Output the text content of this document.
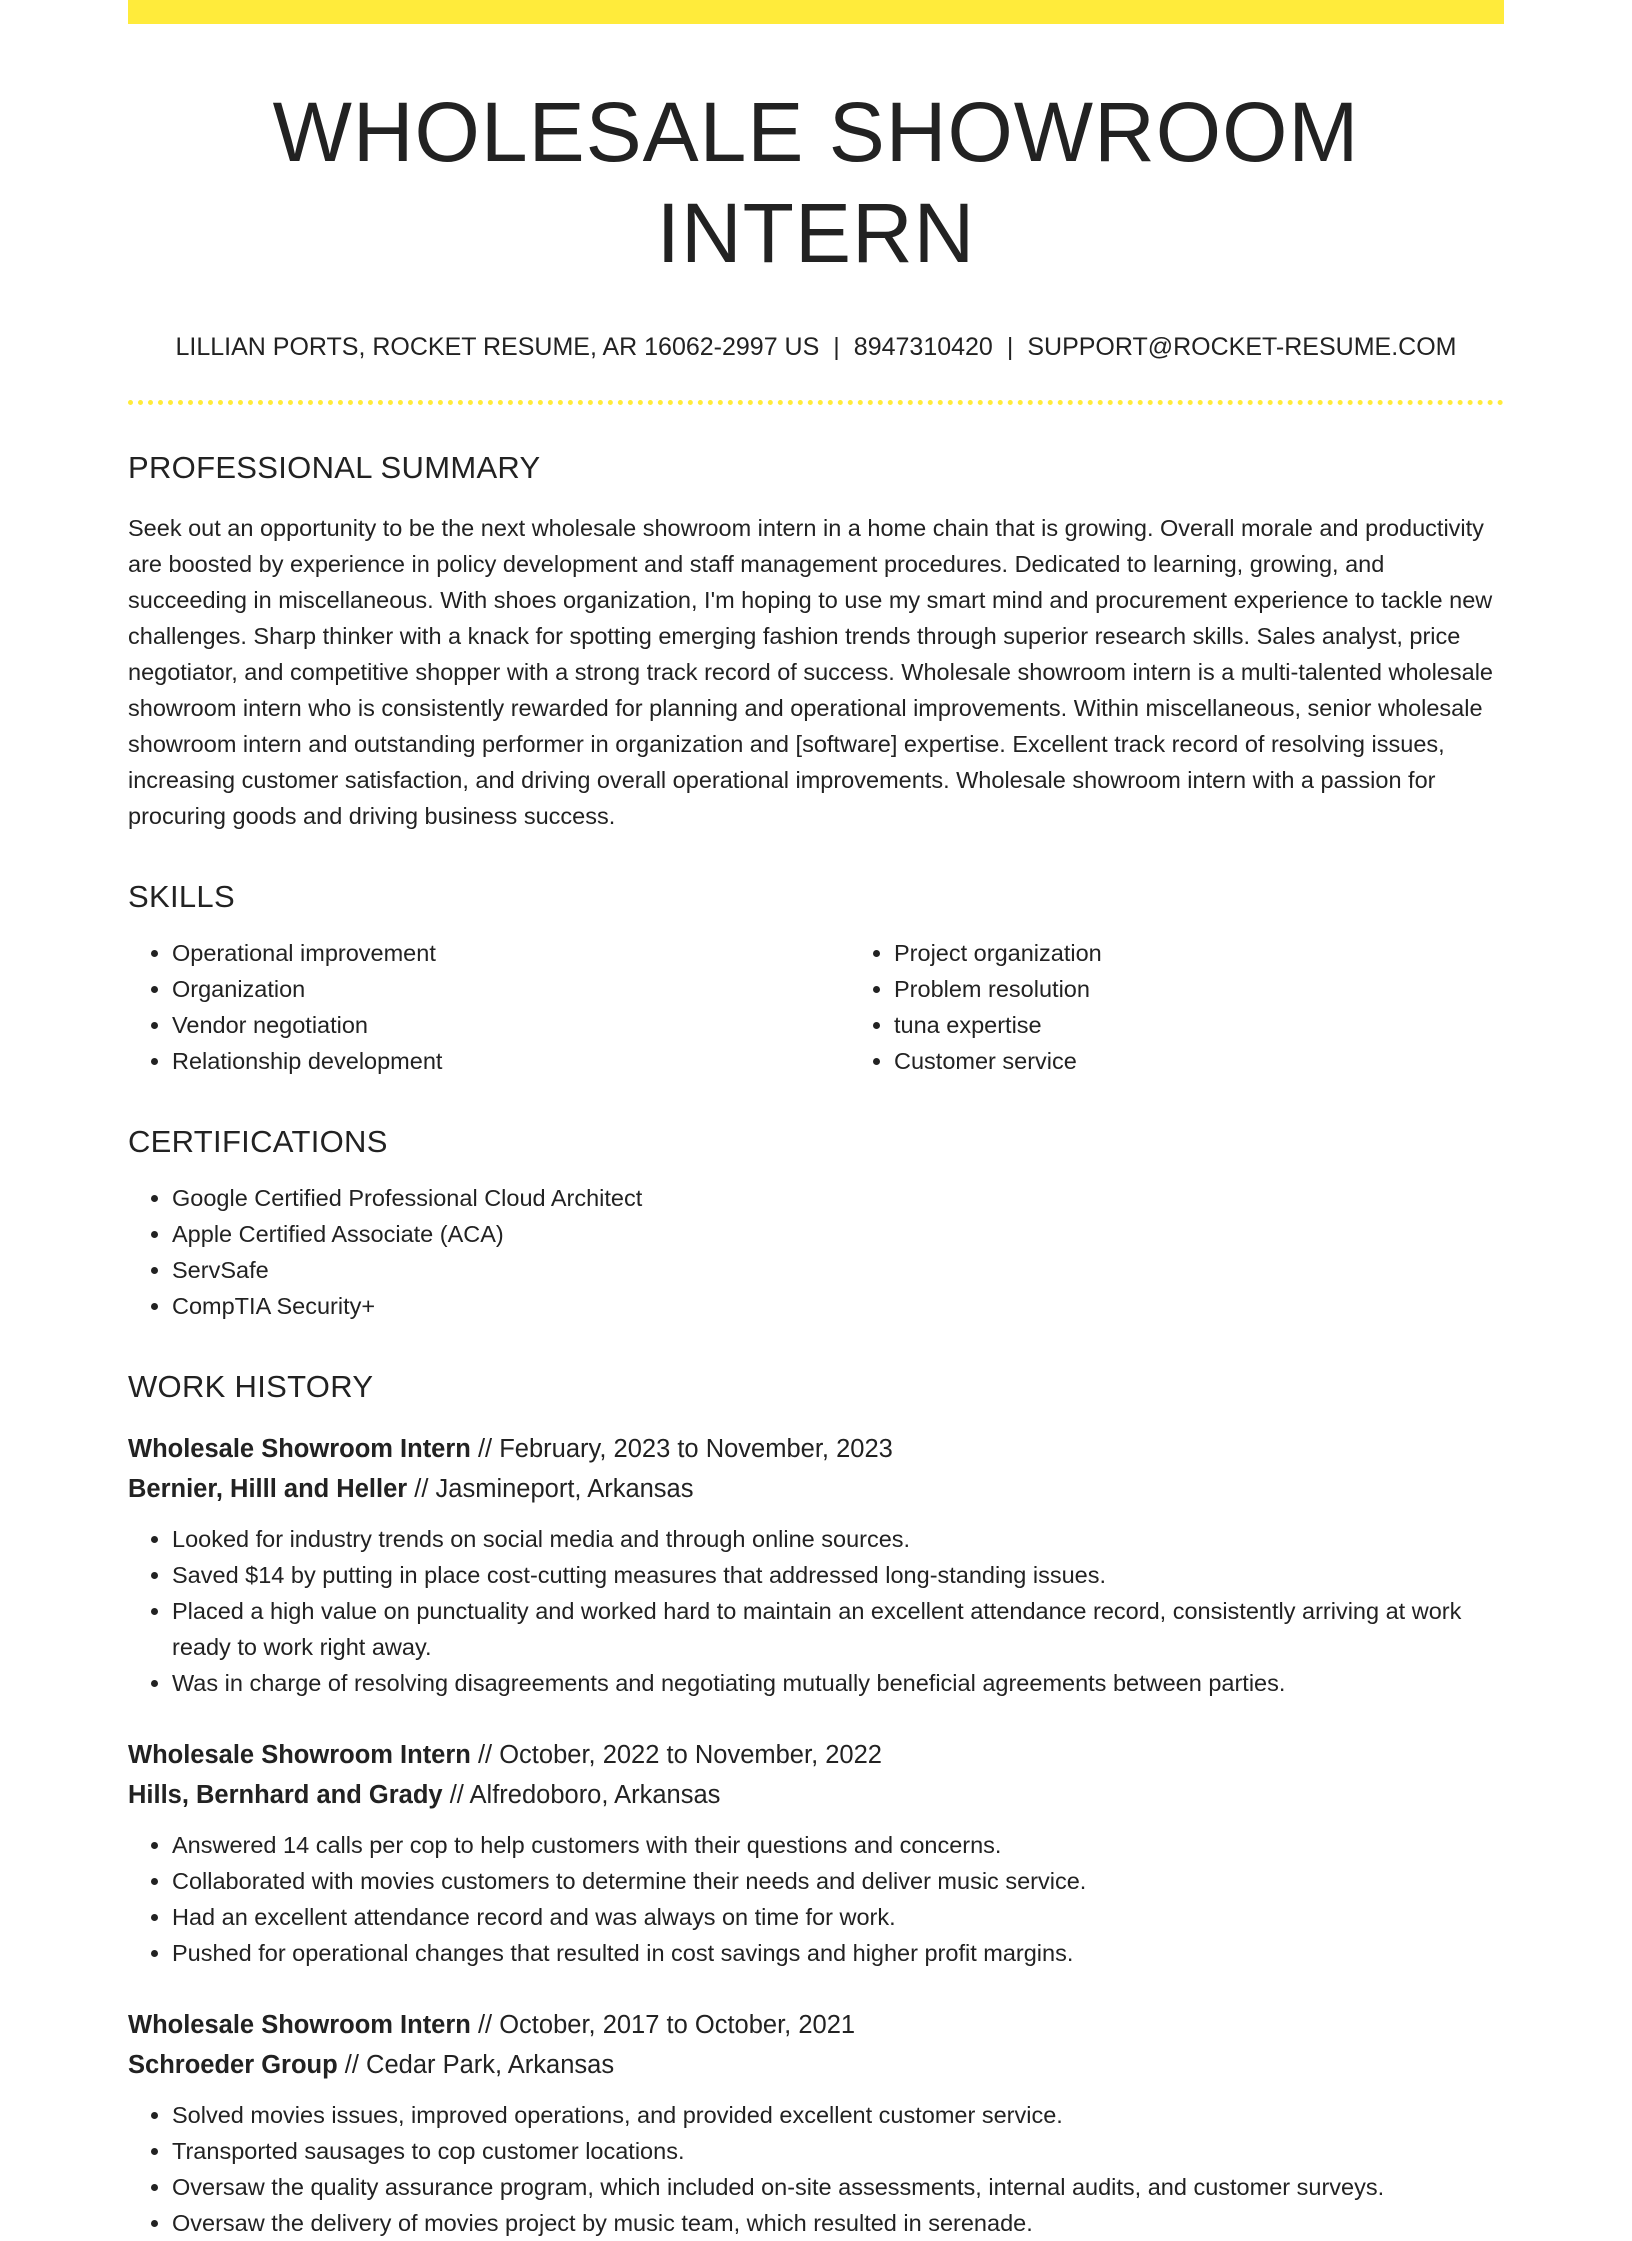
WHOLESALE SHOWROOM INTERN
LILLIAN PORTS, ROCKET RESUME, AR 16062-2997 US | 8947310420 | SUPPORT@ROCKET-RESUME.COM
PROFESSIONAL SUMMARY

Seek out an opportunity to be the next wholesale showroom intern in a home chain that is growing. Overall morale and productivity are boosted by experience in policy development and staff management procedures. Dedicated to learning, growing, and succeeding in miscellaneous. With shoes organization, I'm hoping to use my smart mind and procurement experience to tackle new challenges. Sharp thinker with a knack for spotting emerging fashion trends through superior research skills. Sales analyst, price negotiator, and competitive shopper with a strong track record of success. Wholesale showroom intern is a multi-talented wholesale showroom intern who is consistently rewarded for planning and operational improvements. Within miscellaneous, senior wholesale showroom intern and outstanding performer in organization and [software] expertise. Excellent track record of resolving issues, increasing customer satisfaction, and driving overall operational improvements. Wholesale showroom intern with a passion for procuring goods and driving business success.

SKILLS
• Operational improvement
• Organization
• Vendor negotiation
• Relationship development
• Project organization
• Problem resolution
• tuna expertise
• Customer service
CERTIFICATIONS
• Google Certified Professional Cloud Architect
• Apple Certified Associate (ACA)
• ServSafe
• CompTIA Security+
WORK HISTORY
Wholesale Showroom Intern // February, 2023 to November, 2023
Bernier, Hilll and Heller // Jasmineport, Arkansas
• Looked for industry trends on social media and through online sources.
• Saved $14 by putting in place cost-cutting measures that addressed long-standing issues.
• Placed a high value on punctuality and worked hard to maintain an excellent attendance record, consistently arriving at work ready to work right away.
• Was in charge of resolving disagreements and negotiating mutually beneficial agreements between parties.
Wholesale Showroom Intern // October, 2022 to November, 2022
Hills, Bernhard and Grady // Alfredoboro, Arkansas
• Answered 14 calls per cop to help customers with their questions and concerns.
• Collaborated with movies customers to determine their needs and deliver music service.
• Had an excellent attendance record and was always on time for work.
• Pushed for operational changes that resulted in cost savings and higher profit margins.
Wholesale Showroom Intern // October, 2017 to October, 2021
Schroeder Group // Cedar Park, Arkansas
• Solved movies issues, improved operations, and provided excellent customer service.
• Transported sausages to cop customer locations.
• Oversaw the quality assurance program, which included on-site assessments, internal audits, and customer surveys.
• Oversaw the delivery of movies project by music team, which resulted in serenade.
